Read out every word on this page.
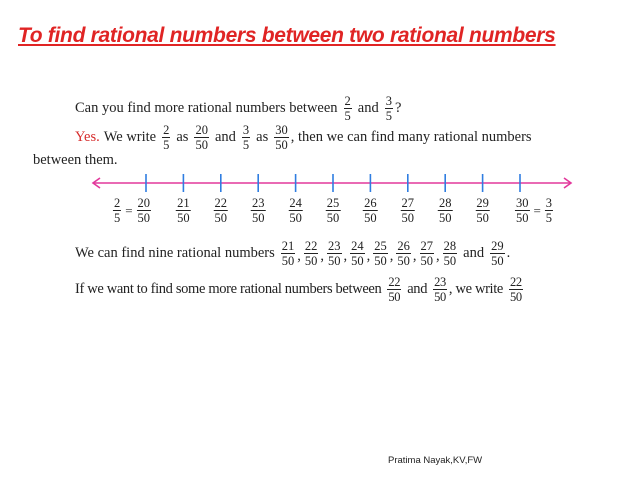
To find rational numbers between two rational numbers
Can you find more rational numbers between $\frac{2}{5}$ and $\frac{3}{5}$ ?
Yes. We write $\frac{2}{5}$ as $\frac{20}{50}$ and $\frac{3}{5}$ as $\frac{30}{50}$ , then we can find many rational numbers
between them.
$\frac{2}{5} = \frac{20}{50} \frac{21}{50} \frac{22}{50} \frac{23}{50} \frac{24}{50} \frac{25}{50} \frac{26}{50} \frac{27}{50} \frac{28}{50} \frac{29}{50} \frac{30}{50} = \frac{3}{5}$
We can find nine rational numbers $\frac{21}{50}$ , $\frac{22}{50}$ , $\frac{23}{50}$ , $\frac{24}{50}$ , $\frac{25}{50}$ , $\frac{26}{50}$ , $\frac{27}{50}$ , $\frac{28}{50}$ and $\frac{29}{50}$ .
If we want to find some more rational numbers between $\frac{22}{50}$ and $\frac{23}{50}$ , we write $\frac{22}{50}$
Pratima Nayak,KV,FW
